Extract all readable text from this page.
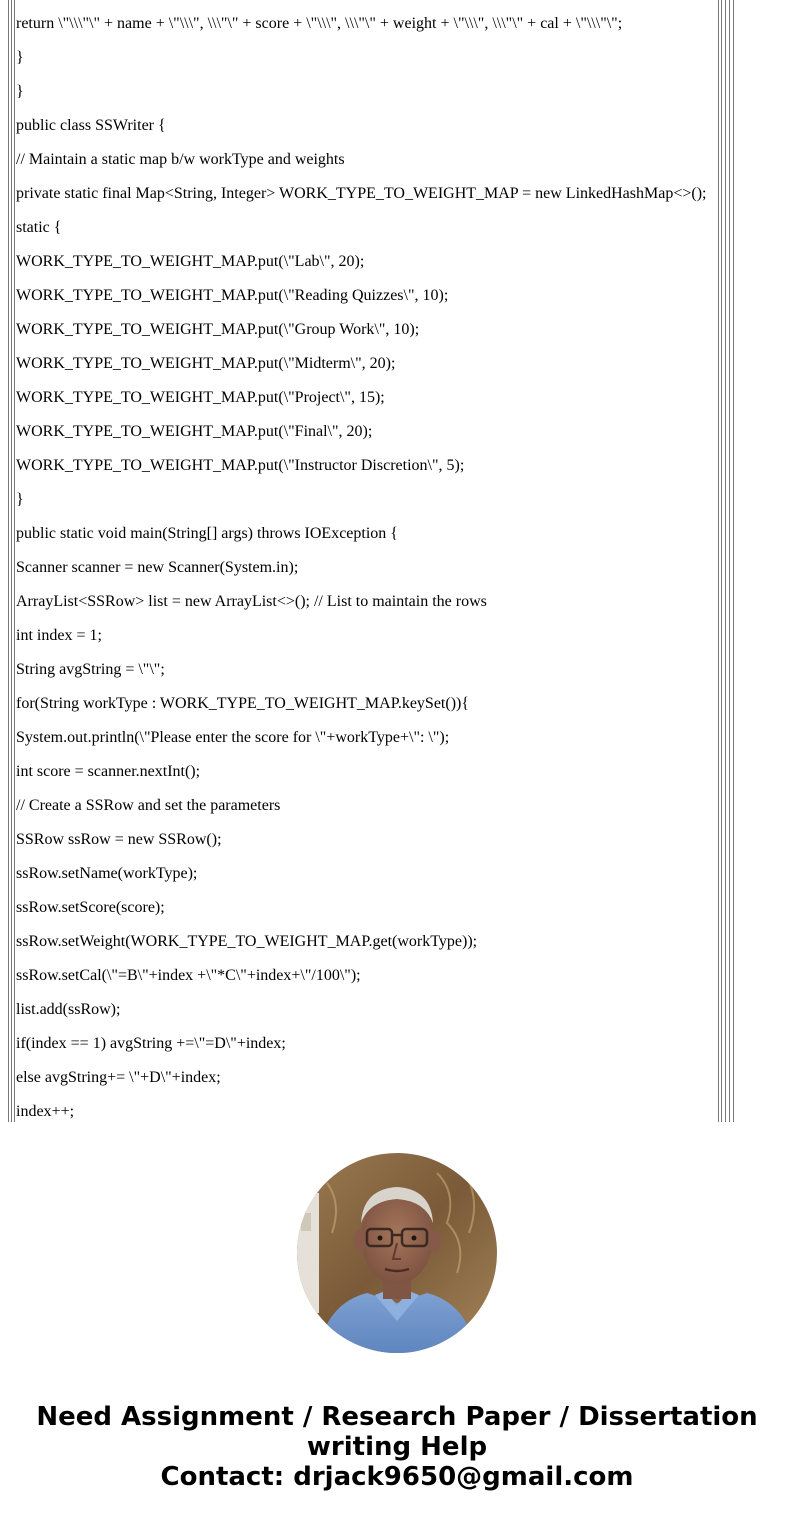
return \"\\\"\" + name + \"\\\", \\\"\" + score + \"\\\", \\\"\" + weight + \"\\\", \\\"\" + cal + \"\\\"\";
}
}
public class SSWriter {
// Maintain a static map b/w workType and weights
private static final Map<String, Integer> WORK_TYPE_TO_WEIGHT_MAP = new LinkedHashMap<>();
static {
WORK_TYPE_TO_WEIGHT_MAP.put(\"Lab\", 20);
WORK_TYPE_TO_WEIGHT_MAP.put(\"Reading Quizzes\", 10);
WORK_TYPE_TO_WEIGHT_MAP.put(\"Group Work\", 10);
WORK_TYPE_TO_WEIGHT_MAP.put(\"Midterm\", 20);
WORK_TYPE_TO_WEIGHT_MAP.put(\"Project\", 15);
WORK_TYPE_TO_WEIGHT_MAP.put(\"Final\", 20);
WORK_TYPE_TO_WEIGHT_MAP.put(\"Instructor Discretion\", 5);
}
public static void main(String[] args) throws IOException {
Scanner scanner = new Scanner(System.in);
ArrayList<SSRow> list = new ArrayList<>(); // List to maintain the rows
int index = 1;
String avgString = \"\";
for(String workType : WORK_TYPE_TO_WEIGHT_MAP.keySet()){
System.out.println(\"Please enter the score for \"+workType+\": \");
int score = scanner.nextInt();
// Create a SSRow and set the parameters
SSRow ssRow = new SSRow();
ssRow.setName(workType);
ssRow.setScore(score);
ssRow.setWeight(WORK_TYPE_TO_WEIGHT_MAP.get(workType));
ssRow.setCal(\"=B\"+index +\"*C\"+index+\"/100\");
list.add(ssRow);
if(index == 1) avgString +=\"=D\"+index;
else avgString+= \"+D\"+index;
index++;
Need Assignment / Research Paper / Dissertation
writing Help
Contact: drjack9650@gmail.com
